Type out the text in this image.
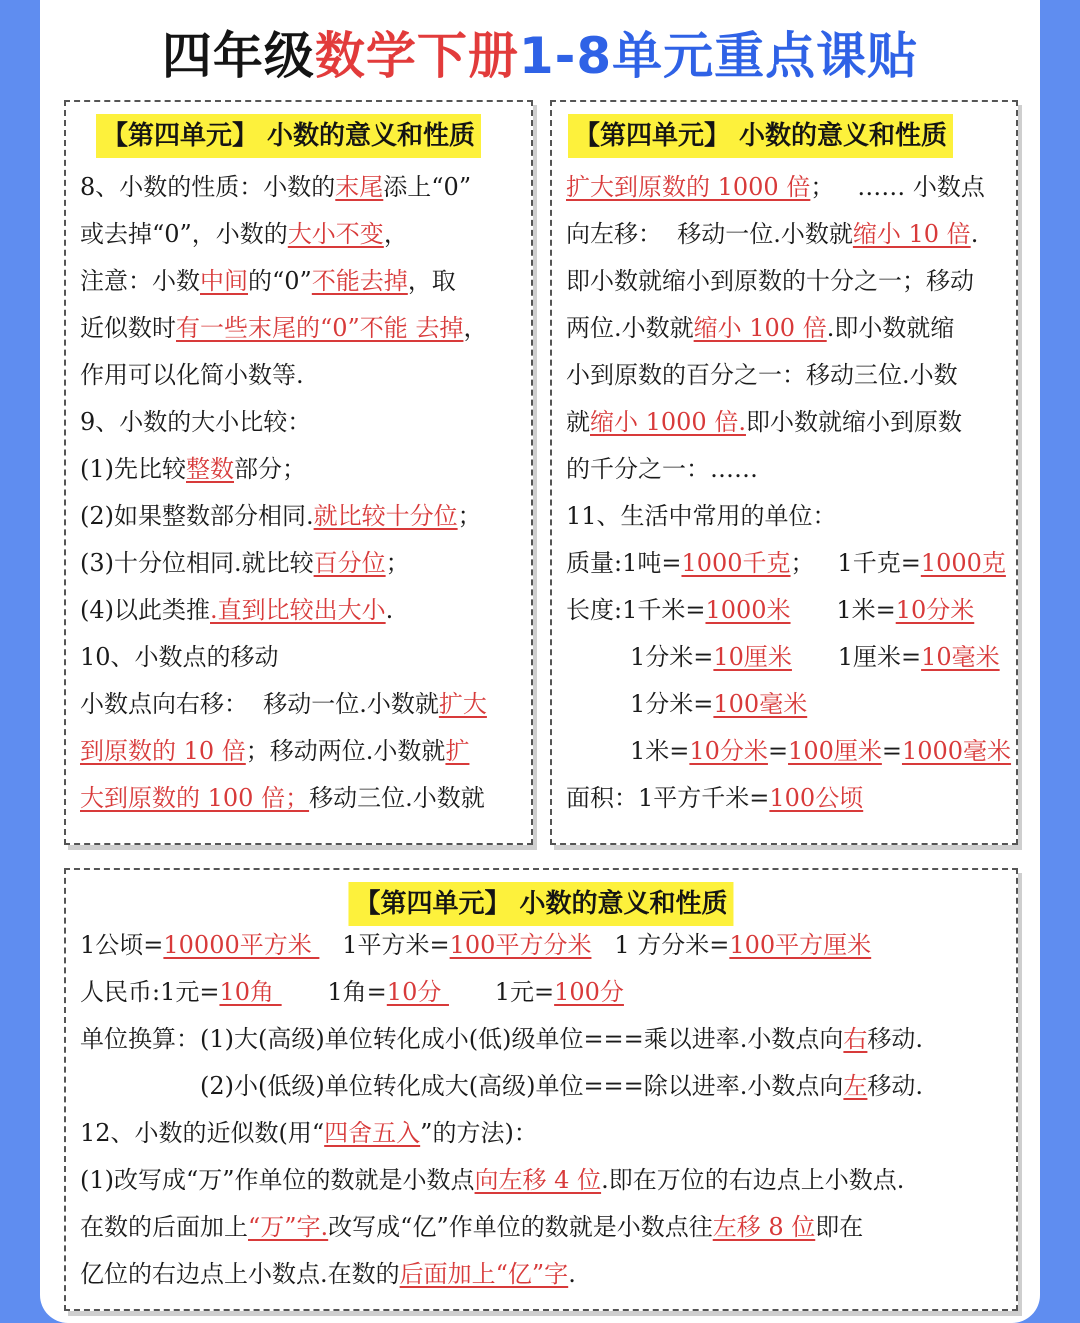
四年级数学下册1-8单元重点课贴
【第四单元】 小数的意义和性质
8、小数的性质：小数的末尾添上“0”
或去掉“0”，小数的大小不变，
注意：小数中间的“0”不能去掉，取
近似数时有一些末尾的“0”不能 去掉，
作用可以化简小数等.
9、小数的大小比较：
(1)先比较整数部分；
(2)如果整数部分相同.就比较十分位；
(3)十分位相同.就比较百分位；
(4)以此类推.直到比较出大小.
10、小数点的移动
小数点向右移：  移动一位.小数就扩大
到原数的 10 倍；移动两位.小数就扩
大到原数的 100 倍；移动三位.小数就
【第四单元】 小数的意义和性质
扩大到原数的 1000 倍；   …… 小数点
向左移：  移动一位.小数就缩小 10 倍.
即小数就缩小到原数的十分之一；移动
两位.小数就缩小 100 倍.即小数就缩
小到原数的百分之一：移动三位.小数
就缩小 1000 倍.即小数就缩小到原数
的千分之一：……
11、生活中常用的单位：
质量:1吨=1000千克；   1千克=1000克
长度:1千米=1000米      1米=10分米
1分米=10厘米      1厘米=10毫米
1分米=100毫米
1米=10分米=100厘米=1000毫米
面积：1平方千米=100公顷
【第四单元】 小数的意义和性质
1公顷=10000平方米    1平方米=100平方分米   1 方分米=100平方厘米
人民币:1元=10角       1角=10分       1元=100分
单位换算：(1)大(高级)单位转化成小(低)级单位===乘以进率.小数点向右移动.
(2)小(低级)单位转化成大(高级)单位===除以进率.小数点向左移动.
12、小数的近似数(用“四舍五入”的方法)：
(1)改写成“万”作单位的数就是小数点向左移 4 位.即在万位的右边点上小数点.
在数的后面加上“万”字.改写成“亿”作单位的数就是小数点往左移 8 位即在
亿位的右边点上小数点.在数的后面加上“亿”字.
